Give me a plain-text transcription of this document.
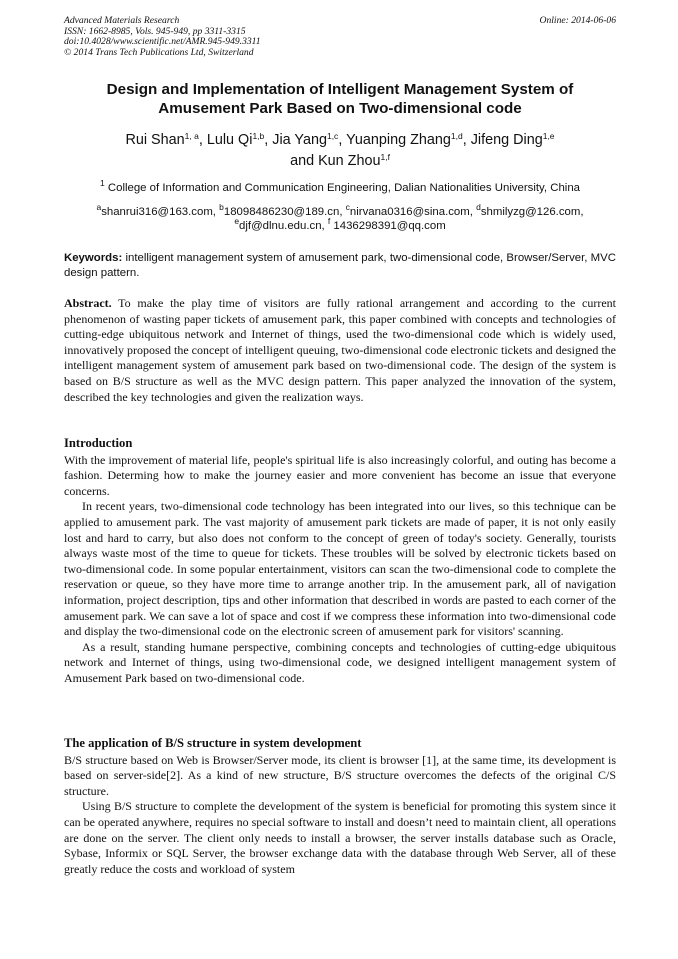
Advanced Materials Research
ISSN: 1662-8985, Vols. 945-949, pp 3311-3315
doi:10.4028/www.scientific.net/AMR.945-949.3311
© 2014 Trans Tech Publications Ltd, Switzerland
Online: 2014-06-06
Design and Implementation of Intelligent Management System of
Amusement Park Based on Two-dimensional code
Rui Shan$^{1, a}$, Lulu Qi$^{1,b}$, Jia Yang$^{1,c}$, Yuanping Zhang$^{1,d}$, Jifeng Ding$^{1,e}$
and Kun Zhou$^{1,f}$
$^1$ College of Information and Communication Engineering, Dalian Nationalities University, China
$^a$shanrui316@163.com, $^b$18098486230@189.cn, $^c$nirvana0316@sina.com, $^d$shmilyzg@126.com,
$^e$djf@dlnu.edu.cn, $^f$ 1436298391@qq.com
Keywords: intelligent management system of amusement park, two-dimensional code, Browser/Server, MVC design pattern.

Abstract. To make the play time of visitors are fully rational arrangement and according to the current phenomenon of wasting paper tickets of amusement park, this paper combined with concepts and technologies of cutting-edge ubiquitous network and Internet of things, used the two-dimensional code which is widely used, innovatively proposed the concept of intelligent queuing, two-dimensional code electronic tickets and designed the intelligent management system of amusement park based on two-dimensional code. The design of the system is based on B/S structure as well as the MVC design pattern. This paper analyzed the innovation of the system, described the key technologies and given the realization ways.

Introduction

With the improvement of material life, people's spiritual life is also increasingly colorful, and outing has become a fashion. Determing how to make the journey easier and more convenient has become an issue that everyone concerns.

In recent years, two-dimensional code technology has been integrated into our lives, so this technique can be applied to amusement park. The vast majority of amusement park tickets are made of paper, it is not only easily lost and hard to carry, but also does not conform to the concept of green of today's society. Generally, tourists always waste most of the time to queue for tickets. These troubles will be solved by electronic tickets based on two-dimensional code. In some popular entertainment, visitors can scan the two-dimensional code to complete the reservation or queue, so they have more time to arrange another trip. In the amusement park, all of navigation information, project description, tips and other information that described in words are pasted to each corner of the amusement park. We can save a lot of space and cost if we compress these information into two-dimensional code and display the two-dimensional code on the electronic screen of amusement park for visitors' scanning.

As a result, standing humane perspective, combining concepts and technologies of cutting-edge ubiquitous network and Internet of things, using two-dimensional code, we designed intelligent management system of Amusement Park based on two-dimensional code.

The application of B/S structure in system development

B/S structure based on Web is Browser/Server mode, its client is browser [1], at the same time, its development is based on server-side[2]. As a kind of new structure, B/S structure overcomes the defects of the original C/S structure.

Using B/S structure to complete the development of the system is beneficial for promoting this system since it can be operated anywhere, requires no special software to install and doesn’t need to maintain client, all operations are done on the server. The client only needs to install a browser, the server installs database such as Oracle, Sybase, Informix or SQL Server, the browser exchange data with the database through Web Server, all of these greatly reduce the costs and workload of system
